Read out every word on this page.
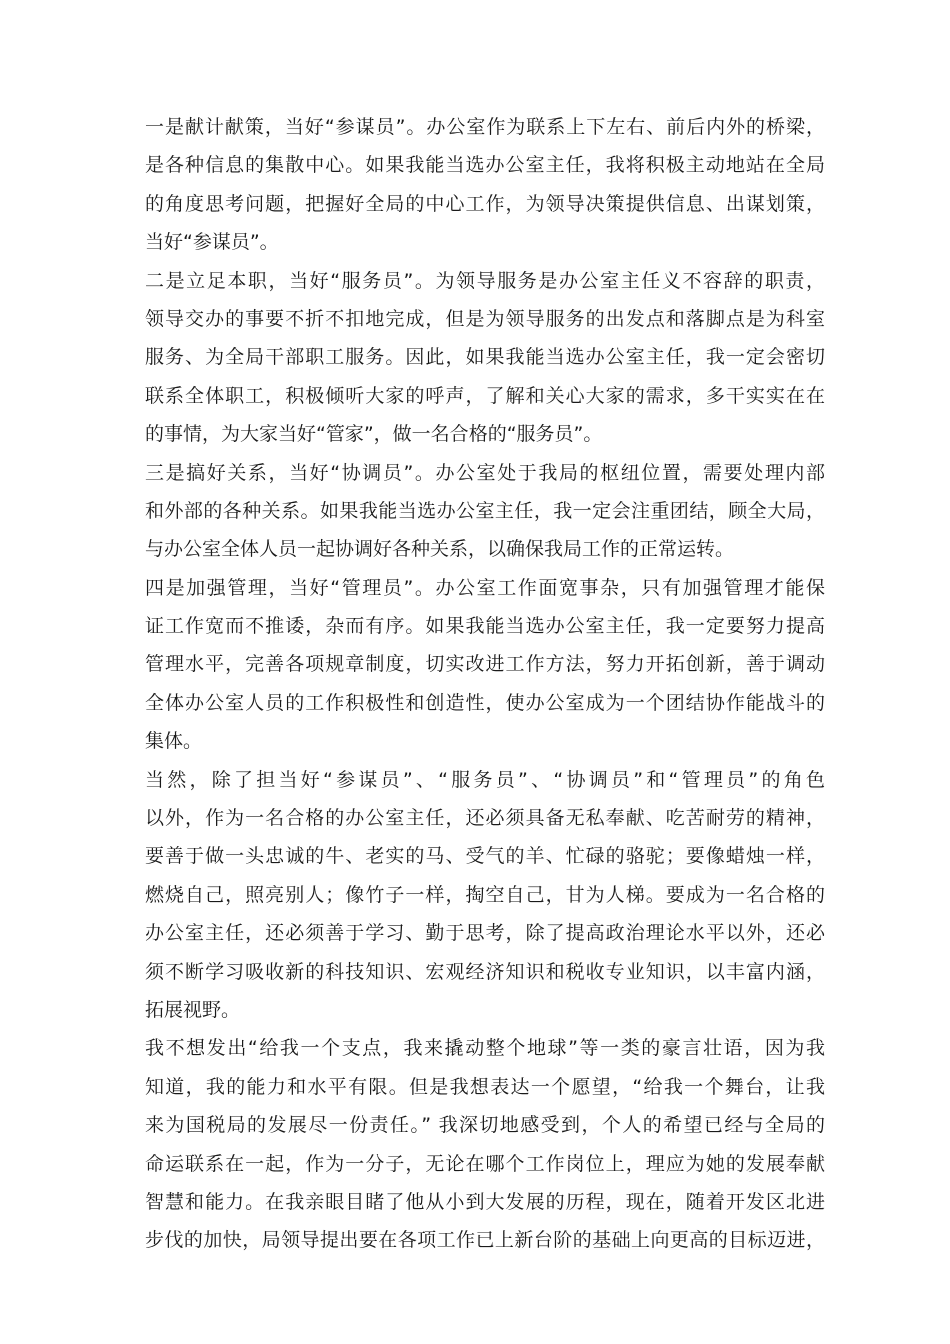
一是献计献策，当好“参谋员”。办公室作为联系上下左右、前后内外的桥梁，
是各种信息的集散中心。如果我能当选办公室主任，我将积极主动地站在全局
的角度思考问题，把握好全局的中心工作，为领导决策提供信息、出谋划策，
当好“参谋员”。
二是立足本职，当好“服务员”。为领导服务是办公室主任义不容辞的职责，
领导交办的事要不折不扣地完成，但是为领导服务的出发点和落脚点是为科室
服务、为全局干部职工服务。因此，如果我能当选办公室主任，我一定会密切
联系全体职工，积极倾听大家的呼声，了解和关心大家的需求，多干实实在在
的事情，为大家当好“管家”，做一名合格的“服务员”。
三是搞好关系，当好“协调员”。办公室处于我局的枢纽位置，需要处理内部
和外部的各种关系。如果我能当选办公室主任，我一定会注重团结，顾全大局，
与办公室全体人员一起协调好各种关系，以确保我局工作的正常运转。
四是加强管理，当好“管理员”。办公室工作面宽事杂，只有加强管理才能保
证工作宽而不推诿，杂而有序。如果我能当选办公室主任，我一定要努力提高
管理水平，完善各项规章制度，切实改进工作方法，努力开拓创新，善于调动
全体办公室人员的工作积极性和创造性，使办公室成为一个团结协作能战斗的
集体。
当然，除了担当好“参谋员”、“服务员”、“协调员”和“管理员”的角色
以外，作为一名合格的办公室主任，还必须具备无私奉献、吃苦耐劳的精神，
要善于做一头忠诚的牛、老实的马、受气的羊、忙碌的骆驼；要像蜡烛一样，
燃烧自己，照亮别人；像竹子一样，掏空自己，甘为人梯。要成为一名合格的
办公室主任，还必须善于学习、勤于思考，除了提高政治理论水平以外，还必
须不断学习吸收新的科技知识、宏观经济知识和税收专业知识，以丰富内涵，
拓展视野。
我不想发出“给我一个支点，我来撬动整个地球”等一类的豪言壮语，因为我
知道，我的能力和水平有限。但是我想表达一个愿望，“给我一个舞台，让我
来为国税局的发展尽一份责任。” 我深切地感受到，个人的希望已经与全局的
命运联系在一起，作为一分子，无论在哪个工作岗位上，理应为她的发展奉献
智慧和能力。在我亲眼目睹了他从小到大发展的历程，现在，随着开发区北进
步伐的加快，局领导提出要在各项工作已上新台阶的基础上向更高的目标迈进，
